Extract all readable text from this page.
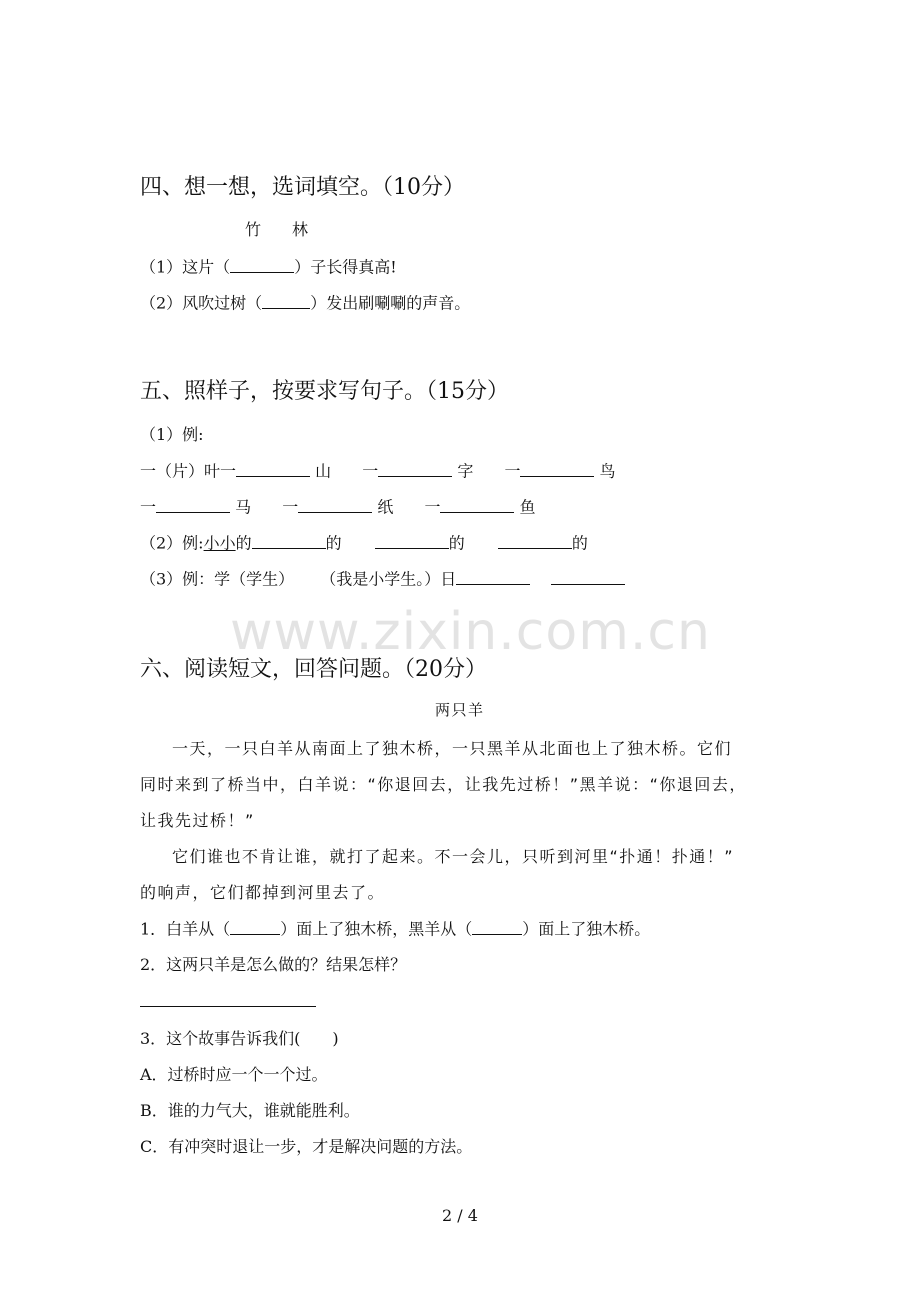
www.zixin.com.cn
四、想一想，选词填空。（10分）
竹 林
（1）这片（	）子长得真高!
（2）风吹过树（	）发出刷唰唰的声音。
五、照样子，按要求写句子。（15分）
（1）例:
一（片）叶一	山 一	字 一	鸟
一	马 一	纸 一	鱼
（2）例:小小的	的	的	的
（3）例：学（学生） （我是小学生。）日
六、阅读短文，回答问题。（20分）
两只羊
一天，一只白羊从南面上了独木桥，一只黑羊从北面也上了独木桥。它们
同时来到了桥当中，白羊说：“你退回去，让我先过桥！”黑羊说：“你退回去，
让我先过桥！”
它们谁也不肯让谁，就打了起来。不一会儿，只听到河里“扑通！扑通！”
的响声，它们都掉到河里去了。
1．白羊从（	）面上了独木桥，黑羊从（	）面上了独木桥。
2．这两只羊是怎么做的？结果怎样？
3．这个故事告诉我们(　　)
A．过桥时应一个一个过。
B．谁的力气大，谁就能胜利。
C．有冲突时退让一步，才是解决问题的方法。
2 / 4
